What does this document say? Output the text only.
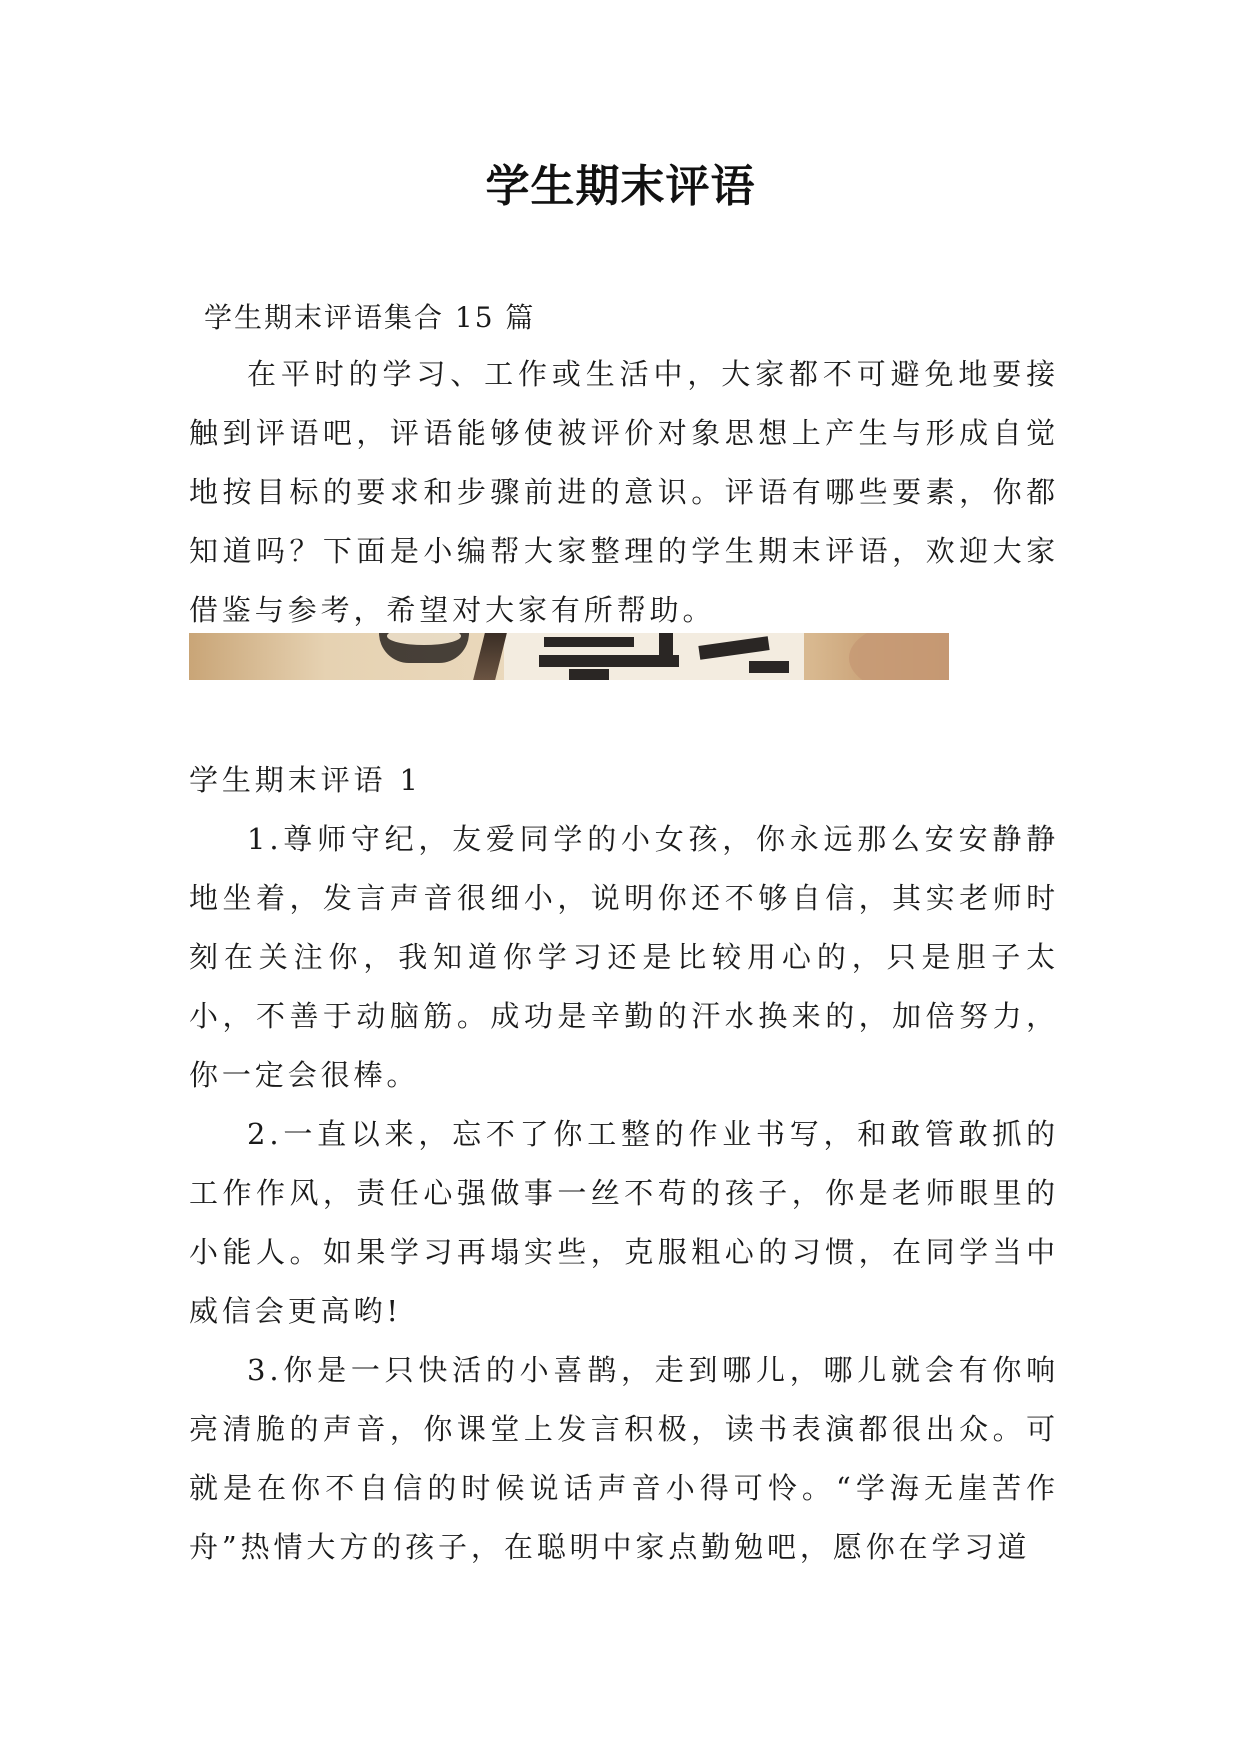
学生期末评语
学生期末评语集合 15 篇

在平时的学习、工作或生活中，大家都不可避免地要接触到评语吧，评语能够使被评价对象思想上产生与形成自觉地按目标的要求和步骤前进的意识。评语有哪些要素，你都知道吗？下面是小编帮大家整理的学生期末评语，欢迎大家借鉴与参考，希望对大家有所帮助。

学生期末评语 1

1.尊师守纪，友爱同学的小女孩，你永远那么安安静静地坐着，发言声音很细小，说明你还不够自信，其实老师时刻在关注你，我知道你学习还是比较用心的，只是胆子太小，不善于动脑筋。成功是辛勤的汗水换来的，加倍努力，你一定会很棒。

2.一直以来，忘不了你工整的作业书写，和敢管敢抓的工作作风，责任心强做事一丝不苟的孩子，你是老师眼里的小能人。如果学习再塌实些，克服粗心的习惯，在同学当中威信会更高哟!

3.你是一只快活的小喜鹊，走到哪儿，哪儿就会有你响亮清脆的声音，你课堂上发言积极，读书表演都很出众。可就是在你不自信的时候说话声音小得可怜。“学海无崖苦作舟”热情大方的孩子，在聪明中家点勤勉吧，愿你在学习道
